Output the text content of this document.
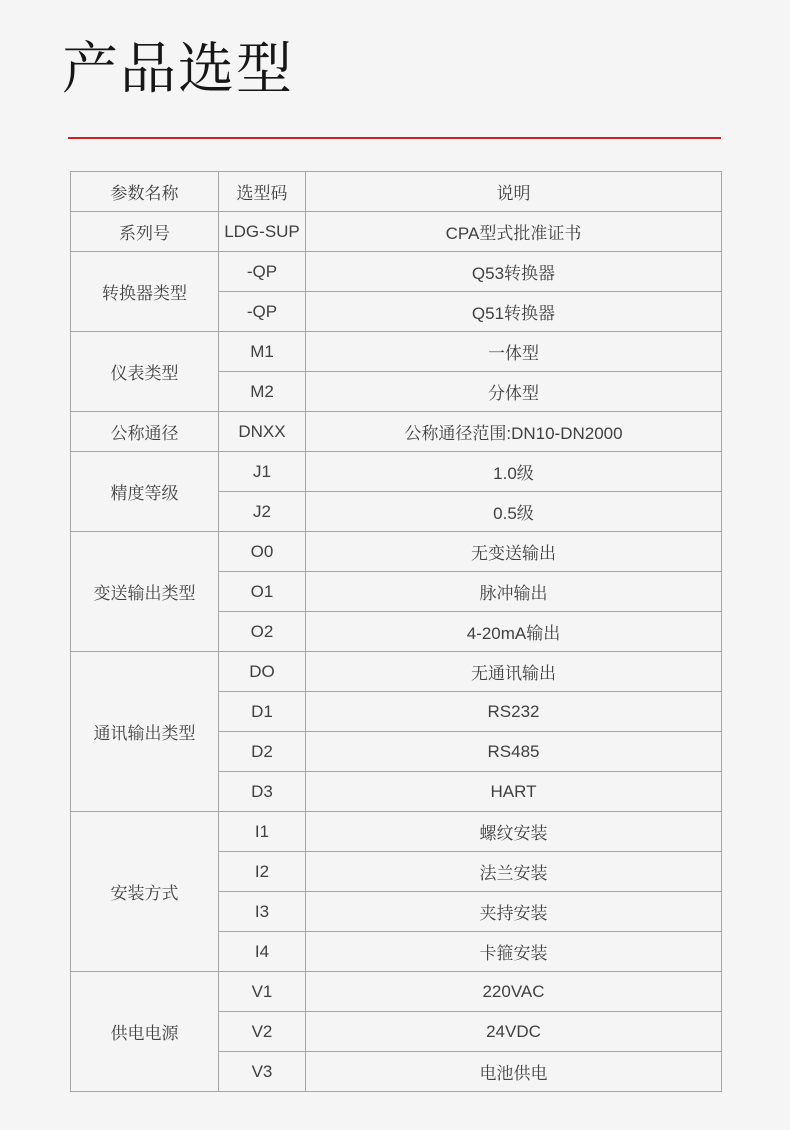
产品选型
参数名称	选型码	说明
系列号	LDG-SUP	CPA型式批准证书
转换器类型	-QP	Q53转换器
	-QP	Q51转换器
仪表类型	M1	一体型
	M2	分体型
公称通径	DNXX	公称通径范围:DN10-DN2000
精度等级	J1	1.0级
	J2	0.5级
变送输出类型	O0	无变送输出
	O1	脉冲输出
	O2	4-20mA输出
通讯输出类型	DO	无通讯输出
	D1	RS232
	D2	RS485
	D3	HART
安装方式	I1	螺纹安装
	I2	法兰安装
	I3	夹持安装
	I4	卡箍安装
供电电源	V1	220VAC
	V2	24VDC
	V3	电池供电
